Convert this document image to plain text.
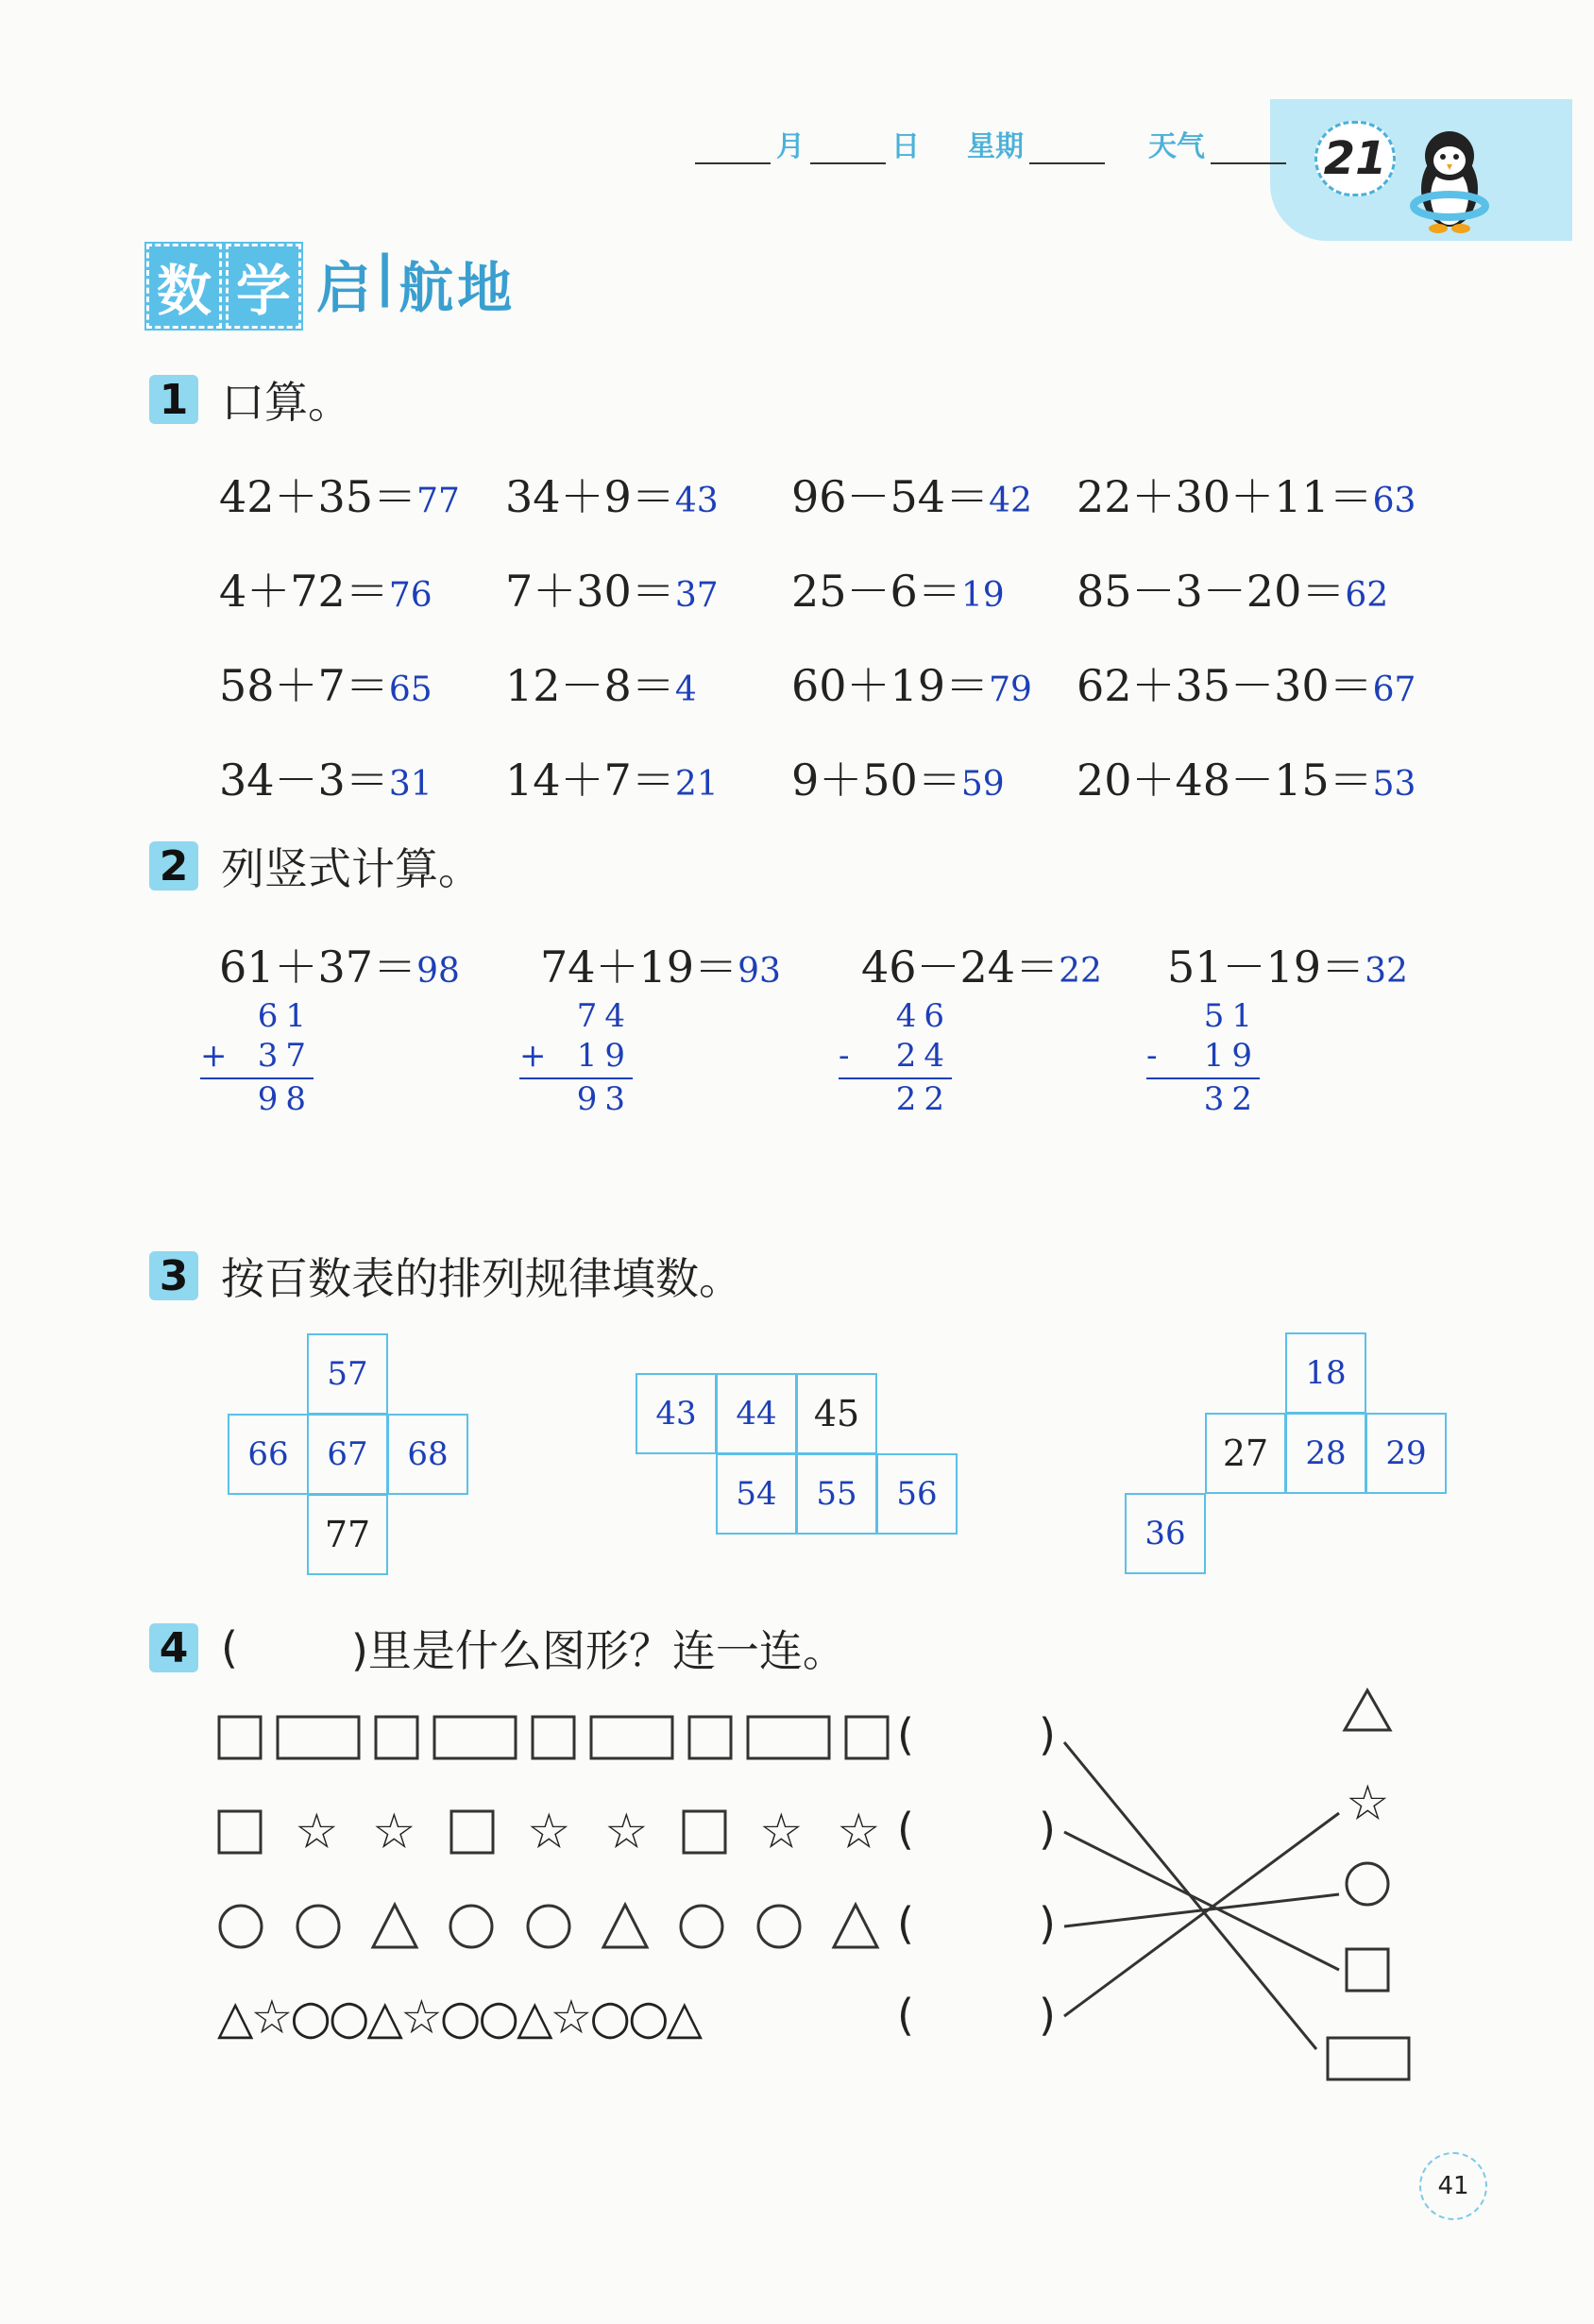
月	日 星期	天气	21
数 学 启 | 航 地
1 口算。
42＋35＝77 34＋9＝43 96－54＝42 22＋30＋11＝63
4＋72＝76 7＋30＝37 25－6＝19 85－3－20＝62
58＋7＝65 12－8＝4 60＋19＝79 62＋35－30＝67
34－3＝31 14＋7＝21 9＋50＝59 20＋48－15＝53
2 列竖式计算。
61＋37＝98
61
+ 37
98
74＋19＝93
74
+ 19
93
46－24＝22
46
- 24
22
51－19＝32
51
- 19
32
3 按百数表的排列规律填数。
57
66	67	68
77
43	44	45
54	55	56
18
27	28	29
36
4 (	)里是什么图形？连一连。
☆ ☆ ☆ ☆ ☆ ☆	☆
△☆○○△☆○○△☆○○△
(	)
(	)
(	)
(	)
41
